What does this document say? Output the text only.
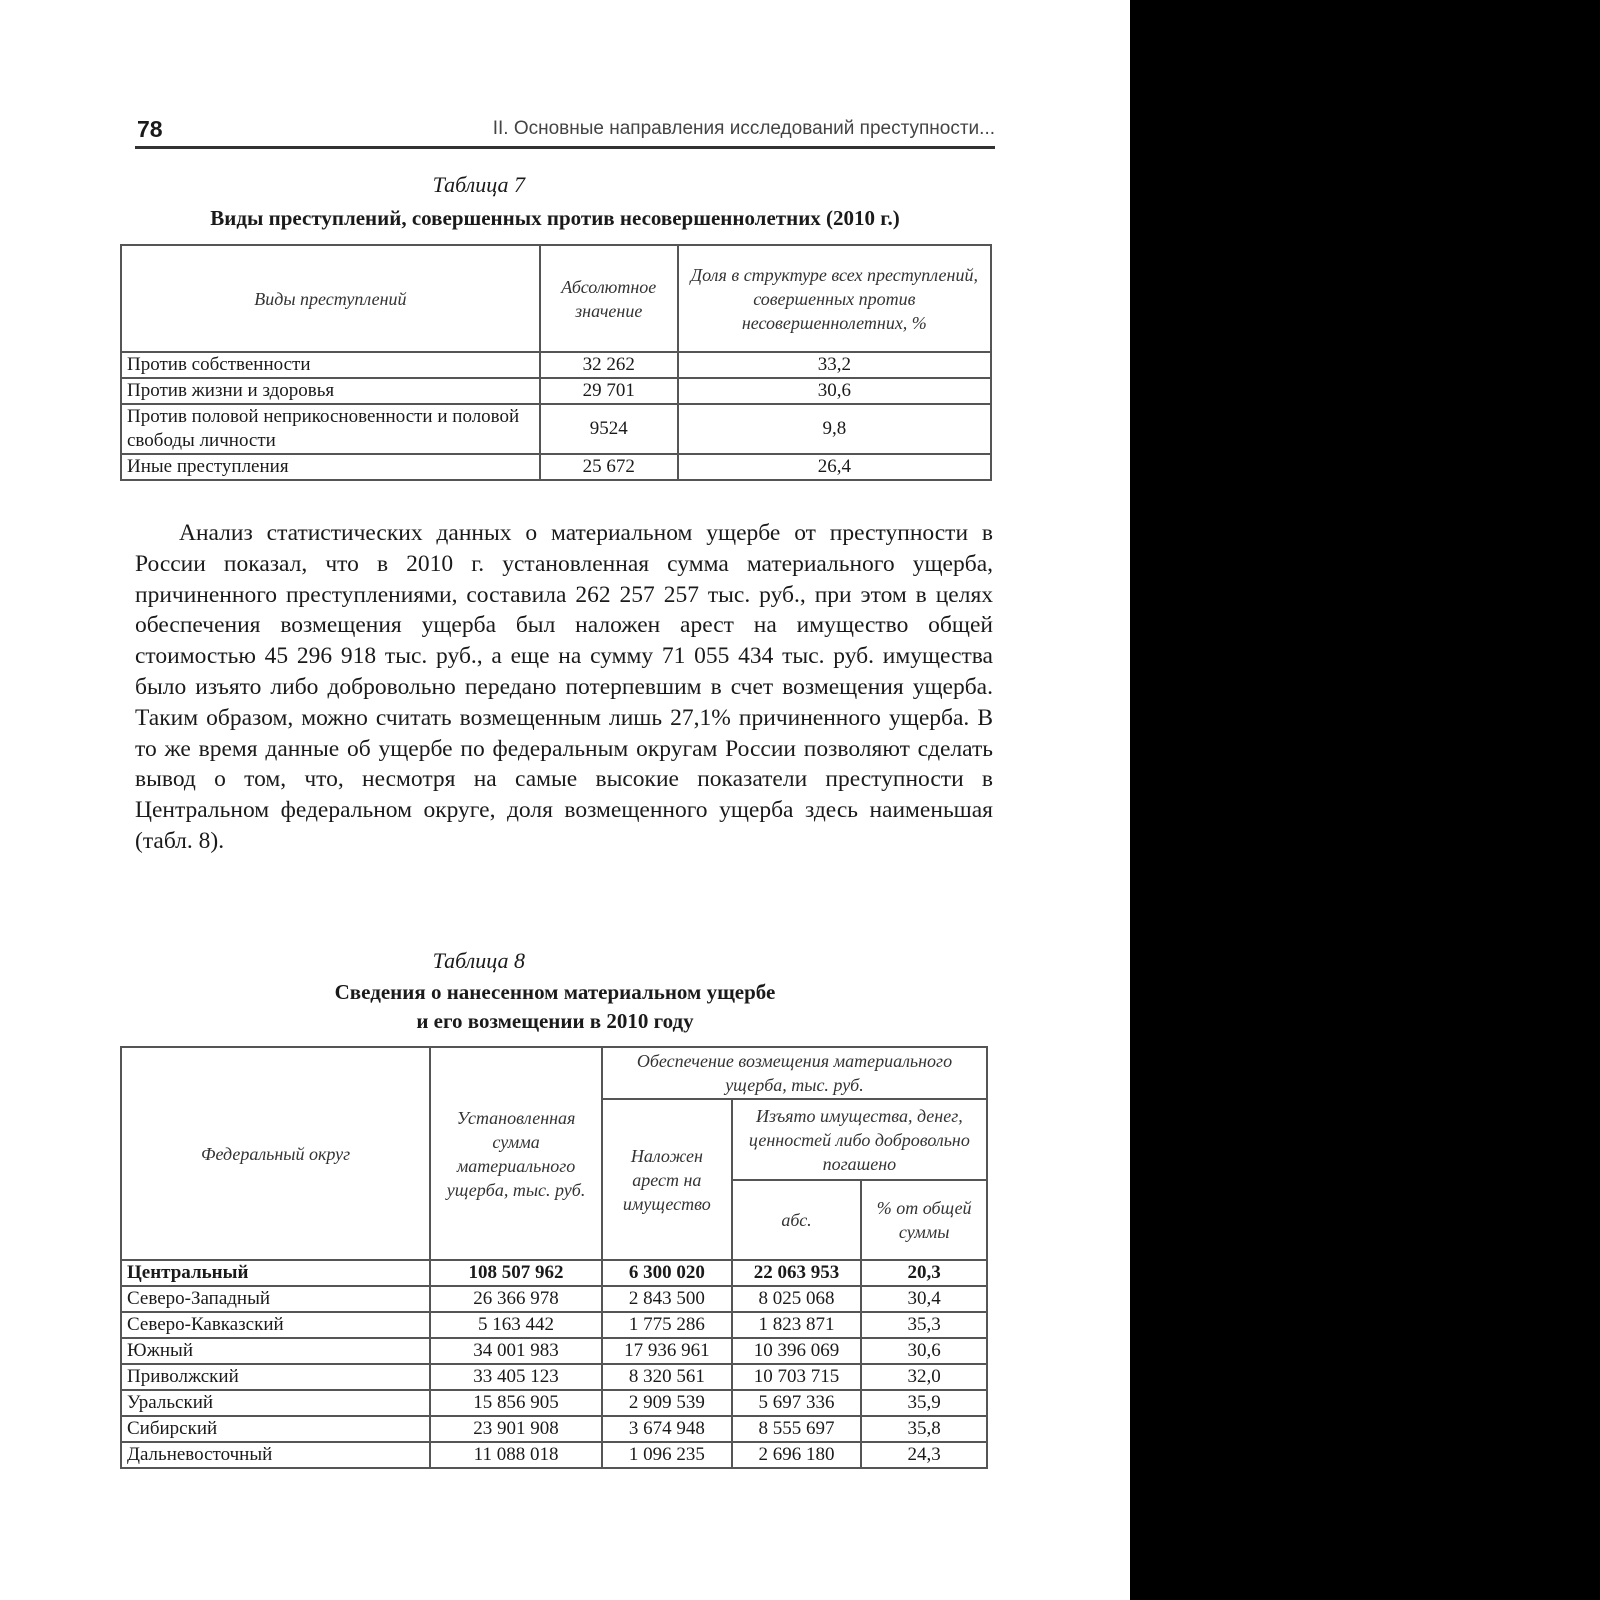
78	II. Основные направления исследований преступности...
Таблица 7
Виды преступлений, совершенных против несовершеннолетних (2010 г.)
Виды преступлений	Абсолютное значение	Доля в структуре всех преступлений, совершенных против несовершеннолетних, %
Против собственности	32 262	33,2
Против жизни и здоровья	29 701	30,6
Против половой неприкосновенности и половой свободы личности	9524	9,8
Иные преступления	25 672	26,4

Анализ статистических данных о материальном ущербе от преступности в России показал, что в 2010 г. установленная сумма материального ущерба, причиненного преступлениями, составила 262 257 257 тыс. руб., при этом в целях обеспечения возмещения ущерба был наложен арест на имущество общей стоимостью 45 296 918 тыс. руб., а еще на сумму 71 055 434 тыс. руб. имущества было изъято либо добровольно передано потерпевшим в счет возмещения ущерба. Таким образом, можно считать возмещенным лишь 27,1% причиненного ущерба. В то же время данные об ущербе по федеральным округам России позволяют сделать вывод о том, что, несмотря на самые высокие показатели преступности в Центральном федеральном округе, доля возмещенного ущерба здесь наименьшая (табл. 8).

Таблица 8
Сведения о нанесенном материальном ущербе
и его возмещении в 2010 году
Федеральный округ	Установленная сумма материального ущерба, тыс. руб.	Обеспечение возмещения материального ущерба, тыс. руб.		
		Наложен арест на имущество	Изъято имущества, денег, ценностей либо добровольно погашено	
			абс.	% от общей суммы
Центральный	108 507 962	6 300 020	22 063 953	20,3
Северо-Западный	26 366 978	2 843 500	8 025 068	30,4
Северо-Кавказский	5 163 442	1 775 286	1 823 871	35,3
Южный	34 001 983	17 936 961	10 396 069	30,6
Приволжский	33 405 123	8 320 561	10 703 715	32,0
Уральский	15 856 905	2 909 539	5 697 336	35,9
Сибирский	23 901 908	3 674 948	8 555 697	35,8
Дальневосточный	11 088 018	1 096 235	2 696 180	24,3
